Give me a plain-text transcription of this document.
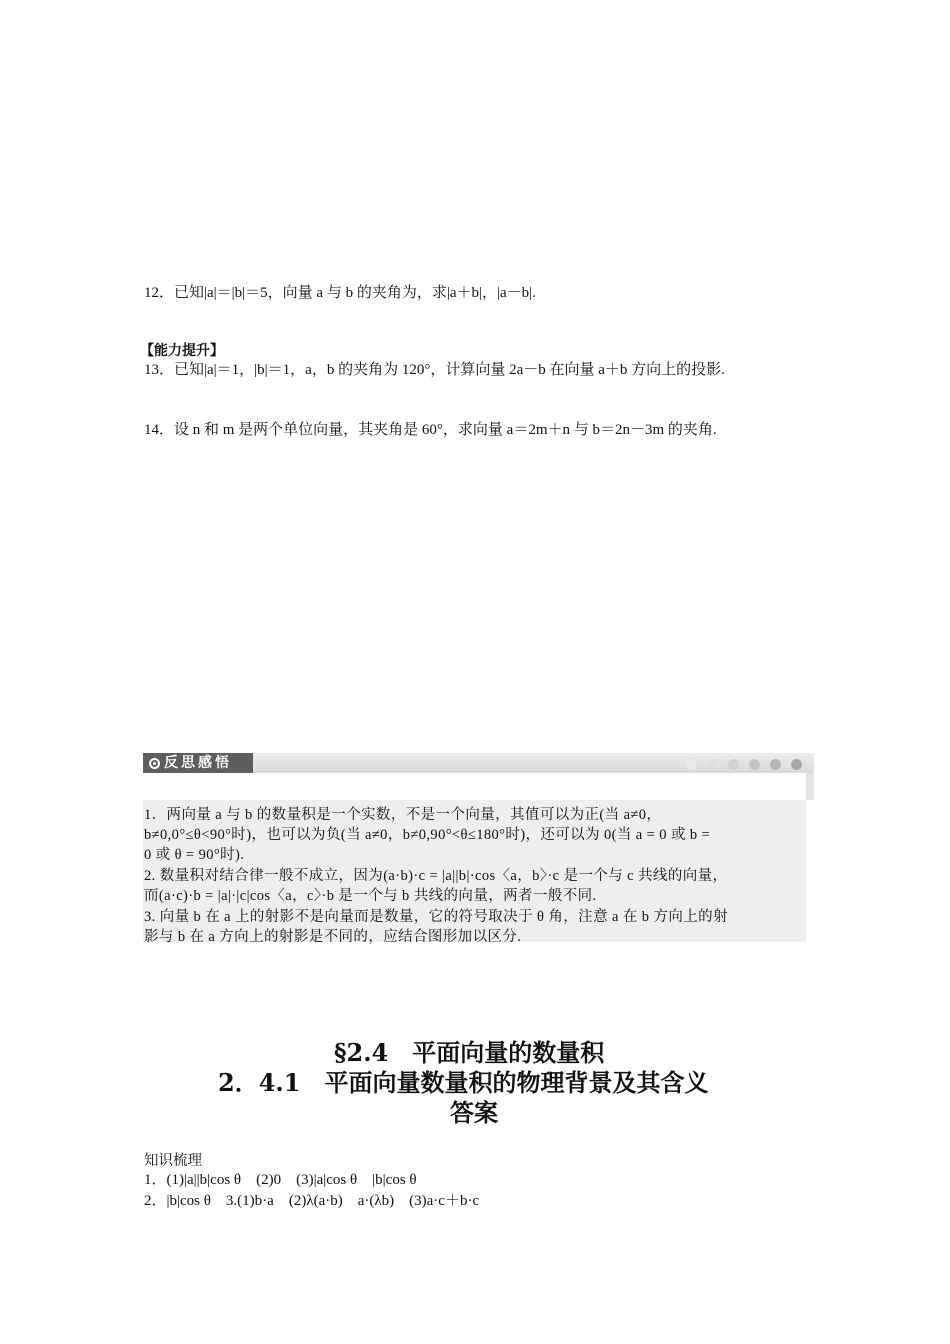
12．已知|a|＝|b|＝5，向量 a 与 b 的夹角为，求|a＋b|，|a－b|.
【能力提升】
13．已知|a|＝1，|b|＝1，a，b 的夹角为 120°，计算向量 2a－b 在向量 a＋b 方向上的投影.
14．设 n 和 m 是两个单位向量，其夹角是 60°，求向量 a＝2m＋n 与 b＝2n－3m 的夹角.
反思感悟
1．两向量 a 与 b 的数量积是一个实数，不是一个向量，其值可以为正(当 a≠0，
b≠0,0°≤θ<90°时)，也可以为负(当 a≠0，b≠0,90°<θ≤180°时)，还可以为 0(当 a = 0 或 b =
0 或 θ = 90°时).
2. 数量积对结合律一般不成立，因为(a·b)·c = |a||b|·cos〈a，b〉·c 是一个与 c 共线的向量，
而(a·c)·b = |a|·|c|cos〈a，c〉·b 是一个与 b 共线的向量，两者一般不同.
3. 向量 b 在 a 上的射影不是向量而是数量，它的符号取决于 θ 角，注意 a 在 b 方向上的射
影与 b 在 a 方向上的射影是不同的，应结合图形加以区分.
§2.4　平面向量的数量积
2．4.1　平面向量数量积的物理背景及其含义
答案
知识梳理
1．(1)|a||b|cos θ　(2)0　(3)|a|cos θ　|b|cos θ
2．|b|cos θ　3.(1)b·a　(2)λ(a·b)　a·(λb)　(3)a·c＋b·c
